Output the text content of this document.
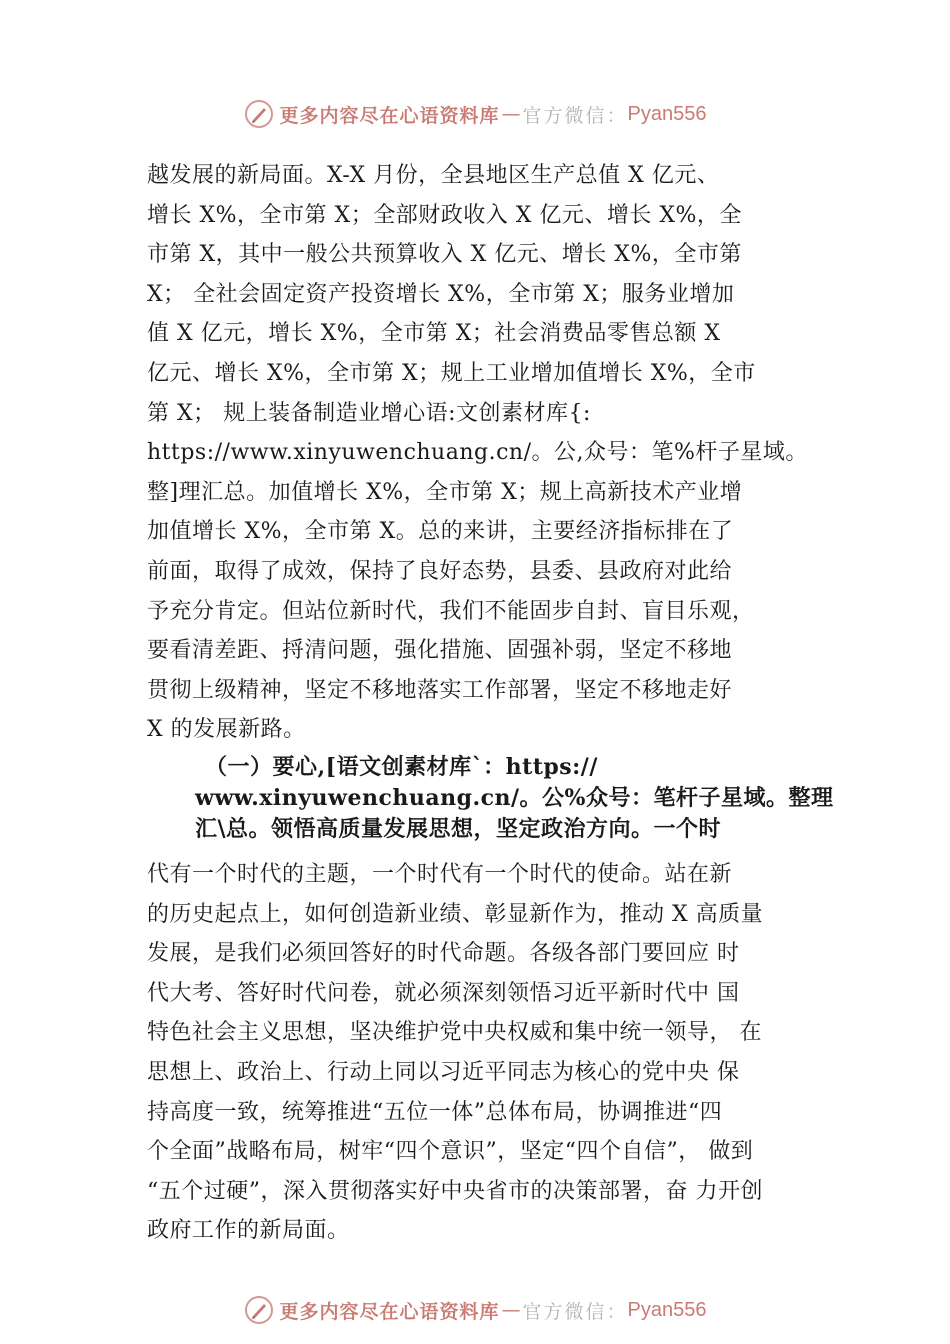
更多内容尽在心语资料库 — 官方微信： Pyan556
越发展的新局面。X-X 月份，全县地区生产总值 X 亿元、
增长 X%，全市第 X；全部财政收入 X 亿元、增长 X%，全
市第 X，其中一般公共预算收入 X 亿元、增长 X%，全市第
X； 全社会固定资产投资增长 X%，全市第 X；服务业增加
值 X 亿元，增长 X%，全市第 X；社会消费品零售总额 X
亿元、增长 X%，全市第 X；规上工业增加值增长 X%，全市
第 X； 规上装备制造业增心语:文创素材库{:
https://www.xinyuwenchuang.cn/。公,众号：笔%杆子星域。
整]理汇总。加值增长 X%，全市第 X；规上高新技术产业增
加值增长 X%，全市第 X。总的来讲，主要经济指标排在了
前面，取得了成效，保持了良好态势，县委、县政府对此给
予充分肯定。但站位新时代，我们不能固步自封、盲目乐观，
要看清差距、捋清问题，强化措施、固强补弱，坚定不移地
贯彻上级精神，坚定不移地落实工作部署，坚定不移地走好
X 的发展新路。
（一）要心,[语文创素材库`：https://
www.xinyuwenchuang.cn/。公%众号：笔杆子星域。整理
汇\总。领悟高质量发展思想，坚定政治方向。一个时
代有一个时代的主题，一个时代有一个时代的使命。站在新
的历史起点上，如何创造新业绩、彰显新作为，推动 X 高质量
发展，是我们必须回答好的时代命题。各级各部门要回应 时
代大考、答好时代问卷，就必须深刻领悟习近平新时代中 国
特色社会主义思想，坚决维护党中央权威和集中统一领导， 在
思想上、政治上、行动上同以习近平同志为核心的党中央 保
持高度一致，统筹推进“五位一体”总体布局，协调推进“四
个全面”战略布局，树牢“四个意识”，坚定“四个自信”， 做到
“五个过硬”，深入贯彻落实好中央省市的决策部署，奋 力开创
政府工作的新局面。
更多内容尽在心语资料库 — 官方微信： Pyan556
